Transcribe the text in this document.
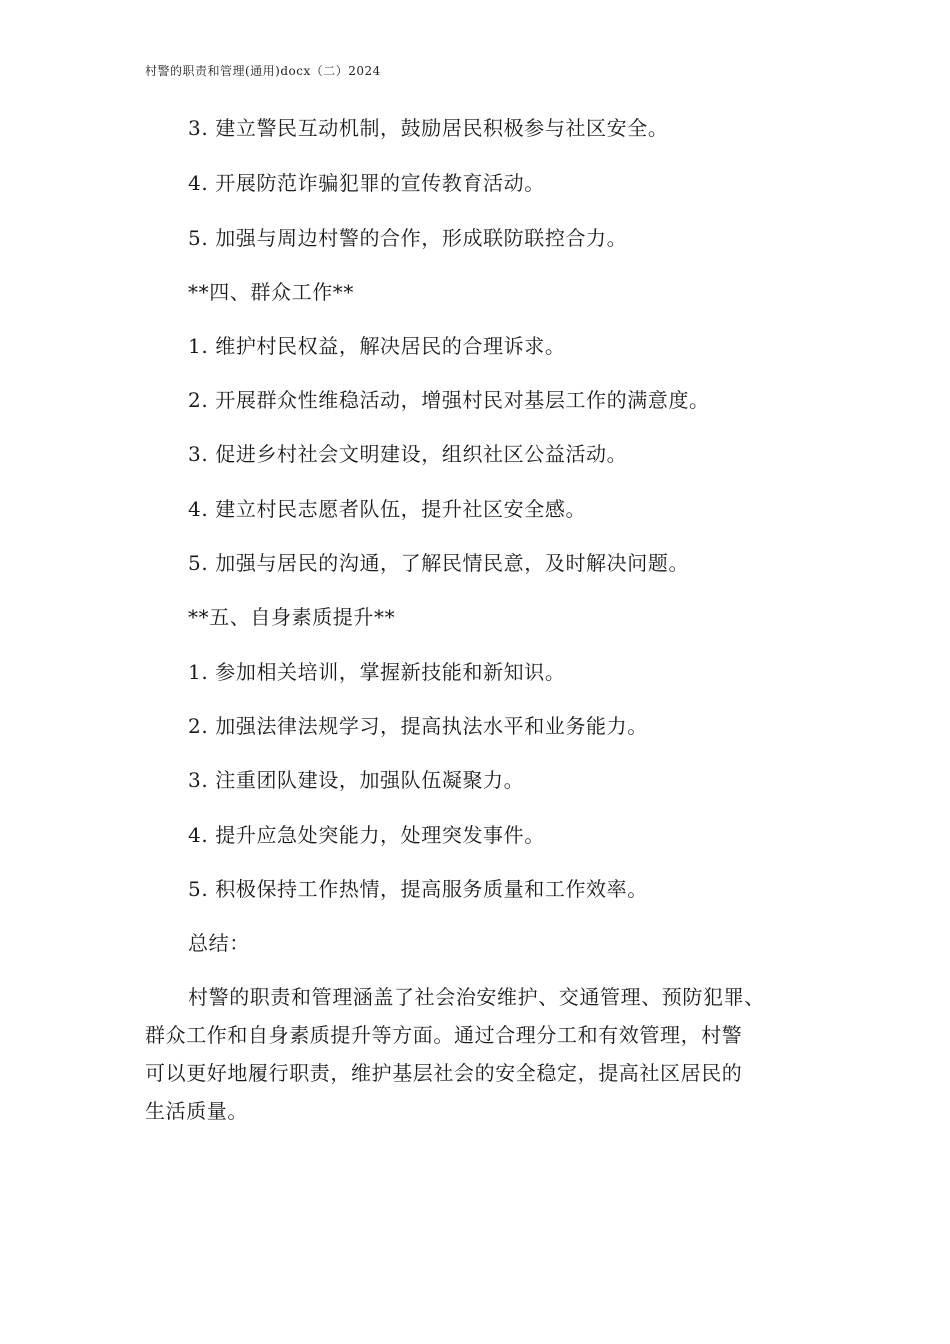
村警的职责和管理(通用)docx（二）2024
3. 建立警民互动机制，鼓励居民积极参与社区安全。
4. 开展防范诈骗犯罪的宣传教育活动。
5. 加强与周边村警的合作，形成联防联控合力。
**四、群众工作**
1. 维护村民权益，解决居民的合理诉求。
2. 开展群众性维稳活动，增强村民对基层工作的满意度。
3. 促进乡村社会文明建设，组织社区公益活动。
4. 建立村民志愿者队伍，提升社区安全感。
5. 加强与居民的沟通，了解民情民意，及时解决问题。
**五、自身素质提升**
1. 参加相关培训，掌握新技能和新知识。
2. 加强法律法规学习，提高执法水平和业务能力。
3. 注重团队建设，加强队伍凝聚力。
4. 提升应急处突能力，处理突发事件。
5. 积极保持工作热情，提高服务质量和工作效率。
总结：

村警的职责和管理涵盖了社会治安维护、交通管理、预防犯罪、

群众工作和自身素质提升等方面。通过合理分工和有效管理，村警

可以更好地履行职责，维护基层社会的安全稳定，提高社区居民的

生活质量。
